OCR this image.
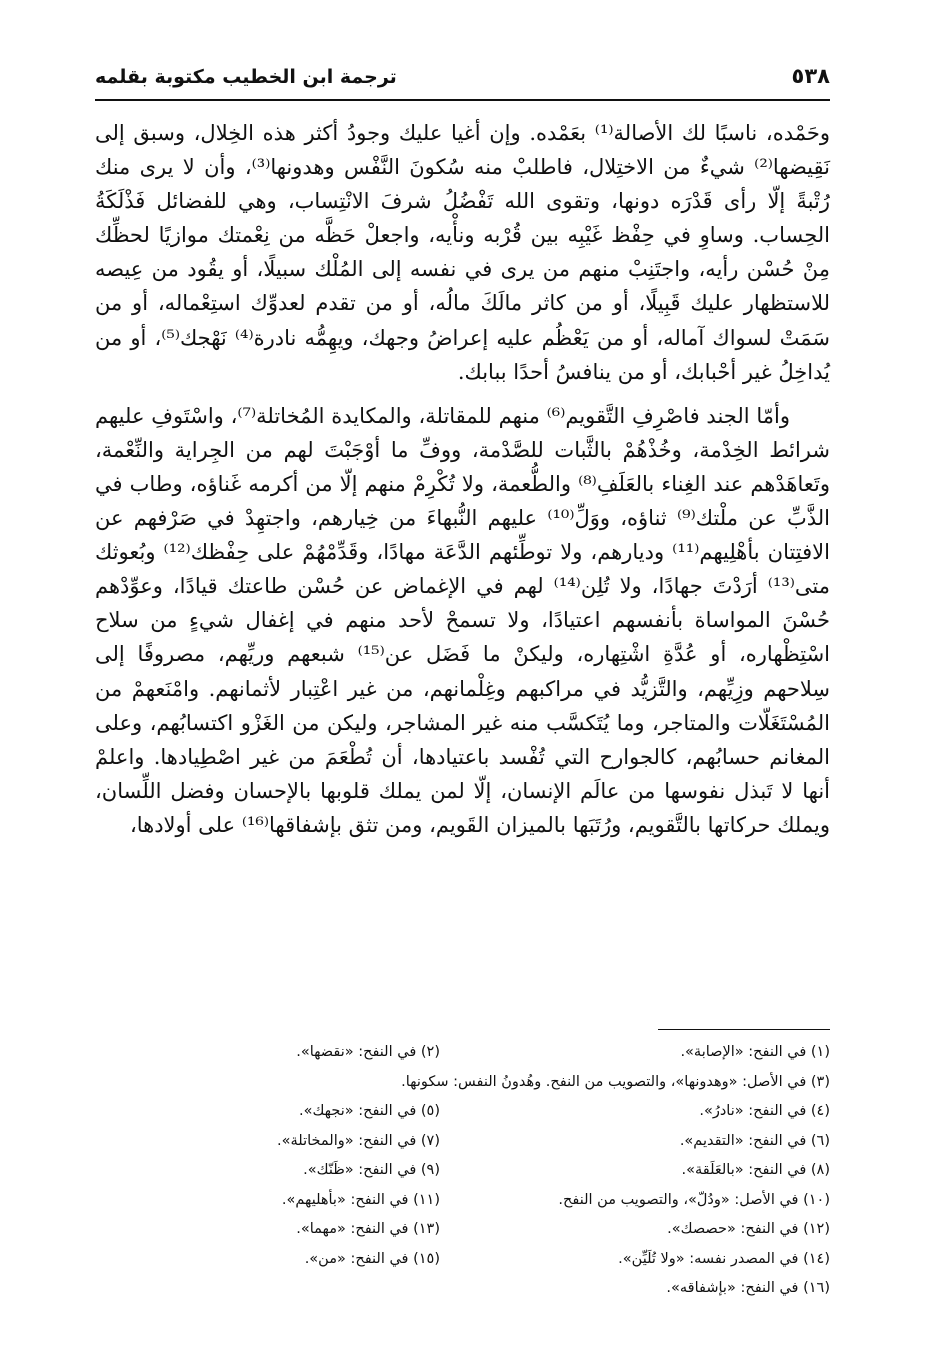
ترجمة ابن الخطيب مكتوبة بقلمه	٥٣٨

وحَمْده، ناسبًا لك الأصالة⁽¹⁾ بعَمْده. وإن أغيا عليك وجودُ أكثر هذه الخِلال، وسبق إلى نَقِيضها⁽²⁾ شيءٌ من الاختِلال، فاطلبْ منه سُكونَ النَّفْس وهدونها⁽³⁾، وأن لا يرى منك رُتْبةً إلّا رأى قَدْرَه دونها، وتقوى الله تَفْضُلُ شرفَ الانْتِساب، وهي للفضائل فَذْلَكَةُ الحِساب. وساوِ في حِفْظ غَيْبِه بين قُرْبه ونأْيه، واجعلْ حَظَّه من نِعْمتك موازيًا لحظِّك مِنْ حُسْن رأيه، واجتَنِبْ منهم من يرى في نفسه إلى المُلْك سبيلًا، أو يقُود من عِيصه للاستظهار عليك قَبِيلًا، أو من كاثر مالَكَ مالُه، أو من تقدم لعدوِّك استِعْماله، أو من سَمَتْ لسواك آماله، أو من يَعْظُم عليه إعراضُ وجهك، ويهِمُّه نادرة⁽⁴⁾ نَهْجك⁽⁵⁾، أو من يُداخِلُ غير أحْبابك، أو من ينافسُ أحدًا ببابك.

وأمّا الجند فاصْرِفِ التَّقويم⁽⁶⁾ منهم للمقاتلة، والمكايدة المُخاتلة⁽⁷⁾، واسْتَوفِ عليهم شرائط الخِدْمة، وخُذْهُمْ بالثَّبات للصَّدْمة، ووفِّ ما أوْجَبْتَ لهم من الجِراية والنِّعْمة، وتَعاهَدْهم عند الغِناء بالعَلَفِ⁽⁸⁾ والطُّعمة، ولا تُكْرِمْ منهم إلّا من أكرمه غَناؤه، وطاب في الذَّبِّ عن ملْتك⁽⁹⁾ ثناؤه، ووَلِّ⁽¹⁰⁾ عليهم النُّبهاءَ من خِيارهم، واجتهِدْ في صَرْفهم عن الافتِتان بأهْلِيهم⁽¹¹⁾ وديارهم، ولا توطِّئهم الدَّعَة مهادًا، وقَدِّمْهُمْ على حِفْظك⁽¹²⁾ وبُعوثك متى⁽¹³⁾ أرَدْتَ جهادًا، ولا تُلِن⁽¹⁴⁾ لهم في الإغماض عن حُسْن طاعتك قيادًا، وعوِّدْهم حُسْنَ المواساة بأنفسهم اعتيادًا، ولا تسمحْ لأحد منهم في إغفال شيءٍ من سلاح اسْتِظْهاره، أو عُدَّةِ اشْتِهاره، وليكنْ ما فَضَل عن⁽¹⁵⁾ شبعهم وريِّهم، مصروفًا إلى سِلاحهم وزِيِّهم، والتَّزيُّد في مراكبهم وغِلْمانهم، من غير اعْتِبار لأثمانهم. وامْنَعهمْ من المُسْتَغَلّات والمتاجر، وما يُتَكسَّب منه غير المشاجر، وليكن من الغَزْو اكتسابُهم، وعلى المغانم حسابُهم، كالجوارح التي تُفْسد باعتيادها، أن تُطْعَمَ من غير اصْطِيادها. واعلمْ أنها لا تَبذل نفوسها من عالَم الإنسان، إلّا لمن يملك قلوبها بالإحسان وفضل اللِّسان، ويملك حركاتها بالتَّقويم، ورُتَبَها بالميزان القَويم، ومن تثق بإشفاقها⁽¹⁶⁾ على أولادها،

(١) في النفح: «الإصابة».
(٢) في النفح: «نقضها».
(٣) في الأصل: «وهدونها»، والتصويب من النفح. وهُدونُ النفس: سكونها.
(٤) في النفح: «نادرُ».
(٥) في النفح: «نجهك».
(٦) في النفح: «التقديم».
(٧) في النفح: «والمخاتلة».
(٨) في النفح: «بالعَلَقة».
(٩) في النفح: «ظَنّك».
(١٠) في الأصل: «ودُلّ»، والتصويب من النفح.
(١١) في النفح: «بأهليهم».
(١٢) في النفح: «حصصك».
(١٣) في النفح: «مهما».
(١٤) في المصدر نفسه: «ولا تُلَيِّن».
(١٥) في النفح: «من».
(١٦) في النفح: «بإشفاقه».
